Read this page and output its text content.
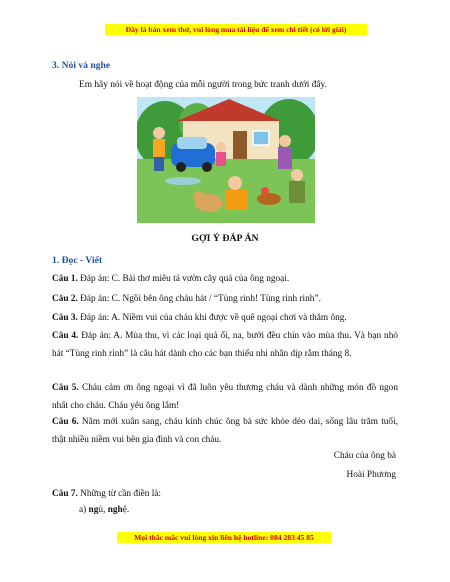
Đây là bản xem thử, vui lòng mua tài liệu để xem chi tiết (có lời giải)
3. Nói và nghe
Em hãy nói về hoạt động của mỗi người trong bức tranh dưới đây.
GỢI Ý ĐÁP ÁN
1. Đọc - Viết
Câu 1. Đáp án: C. Bài thơ miêu tả vườn cây quả của ông ngoại.
Câu 2. Đáp án: C. Ngồi bên ông cháu hát / “Tùng rinh! Tùng rinh rinh”.
Câu 3. Đáp án: A. Niềm vui của cháu khi được về quê ngoại chơi và thăm ông.
Câu 4. Đáp án: A. Mùa thu, vì các loại quả ổi, na, bưởi đều chín vào mùa thu. Và bạn nhỏ hát “Tùng rinh rinh” là câu hát dành cho các bạn thiếu nhi nhân dịp rằm tháng 8.
Câu 5. Cháu cảm ơn ông ngoại vì đã luôn yêu thương cháu và dành những món đồ ngon nhất cho cháu. Cháu yêu ông lắm!
Câu 6. Năm mới xuân sang, cháu kính chúc ông bà sức khỏe dẻo dai, sống lâu trăm tuổi, thật nhiều niềm vui bên gia đình và con cháu.
Cháu của ông bà
Hoài Phương
Câu 7. Những từ cần điền là:
a) ngủ, nghệ.
Mọi thắc mắc vui lòng xin liên hệ hotline: 084 283 45 85
